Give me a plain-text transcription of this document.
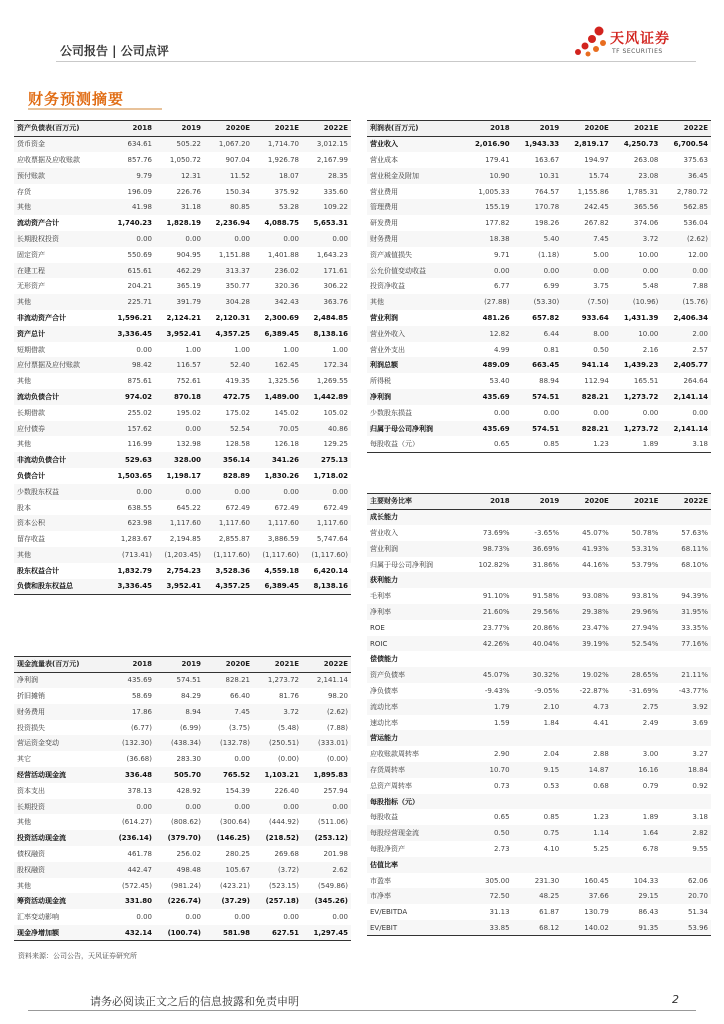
公司报告 | 公司点评
天风证券
TF SECURITIES
财务预测摘要
资产负债表(百万元)	2018	2019	2020E	2021E	2022E
货币资金	634.61	505.22	1,067.20	1,714.70	3,012.15
应收票据及应收账款	857.76	1,050.72	907.04	1,926.78	2,167.99
预付账款	9.79	12.31	11.52	18.07	28.35
存货	196.09	226.76	150.34	375.92	335.60
其他	41.98	31.18	80.85	53.28	109.22
流动资产合计	1,740.23	1,828.19	2,236.94	4,088.75	5,653.31
长期股权投资	0.00	0.00	0.00	0.00	0.00
固定资产	550.69	904.95	1,151.88	1,401.88	1,643.23
在建工程	615.61	462.29	313.37	236.02	171.61
无形资产	204.21	365.19	350.77	320.36	306.22
其他	225.71	391.79	304.28	342.43	363.76
非流动资产合计	1,596.21	2,124.21	2,120.31	2,300.69	2,484.85
资产总计	3,336.45	3,952.41	4,357.25	6,389.45	8,138.16
短期借款	0.00	1.00	1.00	1.00	1.00
应付票据及应付账款	98.42	116.57	52.40	162.45	172.34
其他	875.61	752.61	419.35	1,325.56	1,269.55
流动负债合计	974.02	870.18	472.75	1,489.00	1,442.89
长期借款	255.02	195.02	175.02	145.02	105.02
应付债券	157.62	0.00	52.54	70.05	40.86
其他	116.99	132.98	128.58	126.18	129.25
非流动负债合计	529.63	328.00	356.14	341.26	275.13
负债合计	1,503.65	1,198.17	828.89	1,830.26	1,718.02
少数股东权益	0.00	0.00	0.00	0.00	0.00
股本	638.55	645.22	672.49	672.49	672.49
资本公积	623.98	1,117.60	1,117.60	1,117.60	1,117.60
留存收益	1,283.67	2,194.85	2,855.87	3,886.59	5,747.64
其他	(713.41)	(1,203.45)	(1,117.60)	(1,117.60)	(1,117.60)
股东权益合计	1,832.79	2,754.23	3,528.36	4,559.18	6,420.14
负债和股东权益总	3,336.45	3,952.41	4,357.25	6,389.45	8,138.16
利润表(百万元)	2018	2019	2020E	2021E	2022E
营业收入	2,016.90	1,943.33	2,819.17	4,250.73	6,700.54
营业成本	179.41	163.67	194.97	263.08	375.63
营业税金及附加	10.90	10.31	15.74	23.08	36.45
营业费用	1,005.33	764.57	1,155.86	1,785.31	2,780.72
管理费用	155.19	170.78	242.45	365.56	562.85
研发费用	177.82	198.26	267.82	374.06	536.04
财务费用	18.38	5.40	7.45	3.72	(2.62)
资产减值损失	9.71	(1.18)	5.00	10.00	12.00
公允价值变动收益	0.00	0.00	0.00	0.00	0.00
投资净收益	6.77	6.99	3.75	5.48	7.88
其他	(27.88)	(53.30)	(7.50)	(10.96)	(15.76)
营业利润	481.26	657.82	933.64	1,431.39	2,406.34
营业外收入	12.82	6.44	8.00	10.00	2.00
营业外支出	4.99	0.81	0.50	2.16	2.57
利润总额	489.09	663.45	941.14	1,439.23	2,405.77
所得税	53.40	88.94	112.94	165.51	264.64
净利润	435.69	574.51	828.21	1,273.72	2,141.14
少数股东损益	0.00	0.00	0.00	0.00	0.00
归属于母公司净利润	435.69	574.51	828.21	1,273.72	2,141.14
每股收益（元）	0.65	0.85	1.23	1.89	3.18
现金流量表(百万元)	2018	2019	2020E	2021E	2022E
净利润	435.69	574.51	828.21	1,273.72	2,141.14
折旧摊销	58.69	84.29	66.40	81.76	98.20
财务费用	17.86	8.94	7.45	3.72	(2.62)
投资损失	(6.77)	(6.99)	(3.75)	(5.48)	(7.88)
营运资金变动	(132.30)	(438.34)	(132.78)	(250.51)	(333.01)
其它	(36.68)	283.30	0.00	(0.00)	(0.00)
经营活动现金流	336.48	505.70	765.52	1,103.21	1,895.83
资本支出	378.13	428.92	154.39	226.40	257.94
长期投资	0.00	0.00	0.00	0.00	0.00
其他	(614.27)	(808.62)	(300.64)	(444.92)	(511.06)
投资活动现金流	(236.14)	(379.70)	(146.25)	(218.52)	(253.12)
债权融资	461.78	256.02	280.25	269.68	201.98
股权融资	442.47	498.48	105.67	(3.72)	2.62
其他	(572.45)	(981.24)	(423.21)	(523.15)	(549.86)
筹资活动现金流	331.80	(226.74)	(37.29)	(257.18)	(345.26)
汇率变动影响	0.00	0.00	0.00	0.00	0.00
现金净增加额	432.14	(100.74)	581.98	627.51	1,297.45
主要财务比率	2018	2019	2020E	2021E	2022E
成长能力					
营业收入	73.69%	-3.65%	45.07%	50.78%	57.63%
营业利润	98.73%	36.69%	41.93%	53.31%	68.11%
归属于母公司净利润	102.82%	31.86%	44.16%	53.79%	68.10%
获利能力					
毛利率	91.10%	91.58%	93.08%	93.81%	94.39%
净利率	21.60%	29.56%	29.38%	29.96%	31.95%
ROE	23.77%	20.86%	23.47%	27.94%	33.35%
ROIC	42.26%	40.04%	39.19%	52.54%	77.16%
偿债能力					
资产负债率	45.07%	30.32%	19.02%	28.65%	21.11%
净负债率	-9.43%	-9.05%	-22.87%	-31.69%	-43.77%
流动比率	1.79	2.10	4.73	2.75	3.92
速动比率	1.59	1.84	4.41	2.49	3.69
营运能力					
应收账款周转率	2.90	2.04	2.88	3.00	3.27
存货周转率	10.70	9.15	14.87	16.16	18.84
总资产周转率	0.73	0.53	0.68	0.79	0.92
每股指标（元）					
每股收益	0.65	0.85	1.23	1.89	3.18
每股经营现金流	0.50	0.75	1.14	1.64	2.82
每股净资产	2.73	4.10	5.25	6.78	9.55
估值比率					
市盈率	305.00	231.30	160.45	104.33	62.06
市净率	72.50	48.25	37.66	29.15	20.70
EV/EBITDA	31.13	61.87	130.79	86.43	51.34
EV/EBIT	33.85	68.12	140.02	91.35	53.96
资料来源：公司公告，天风证券研究所
请务必阅读正文之后的信息披露和免责申明	2
